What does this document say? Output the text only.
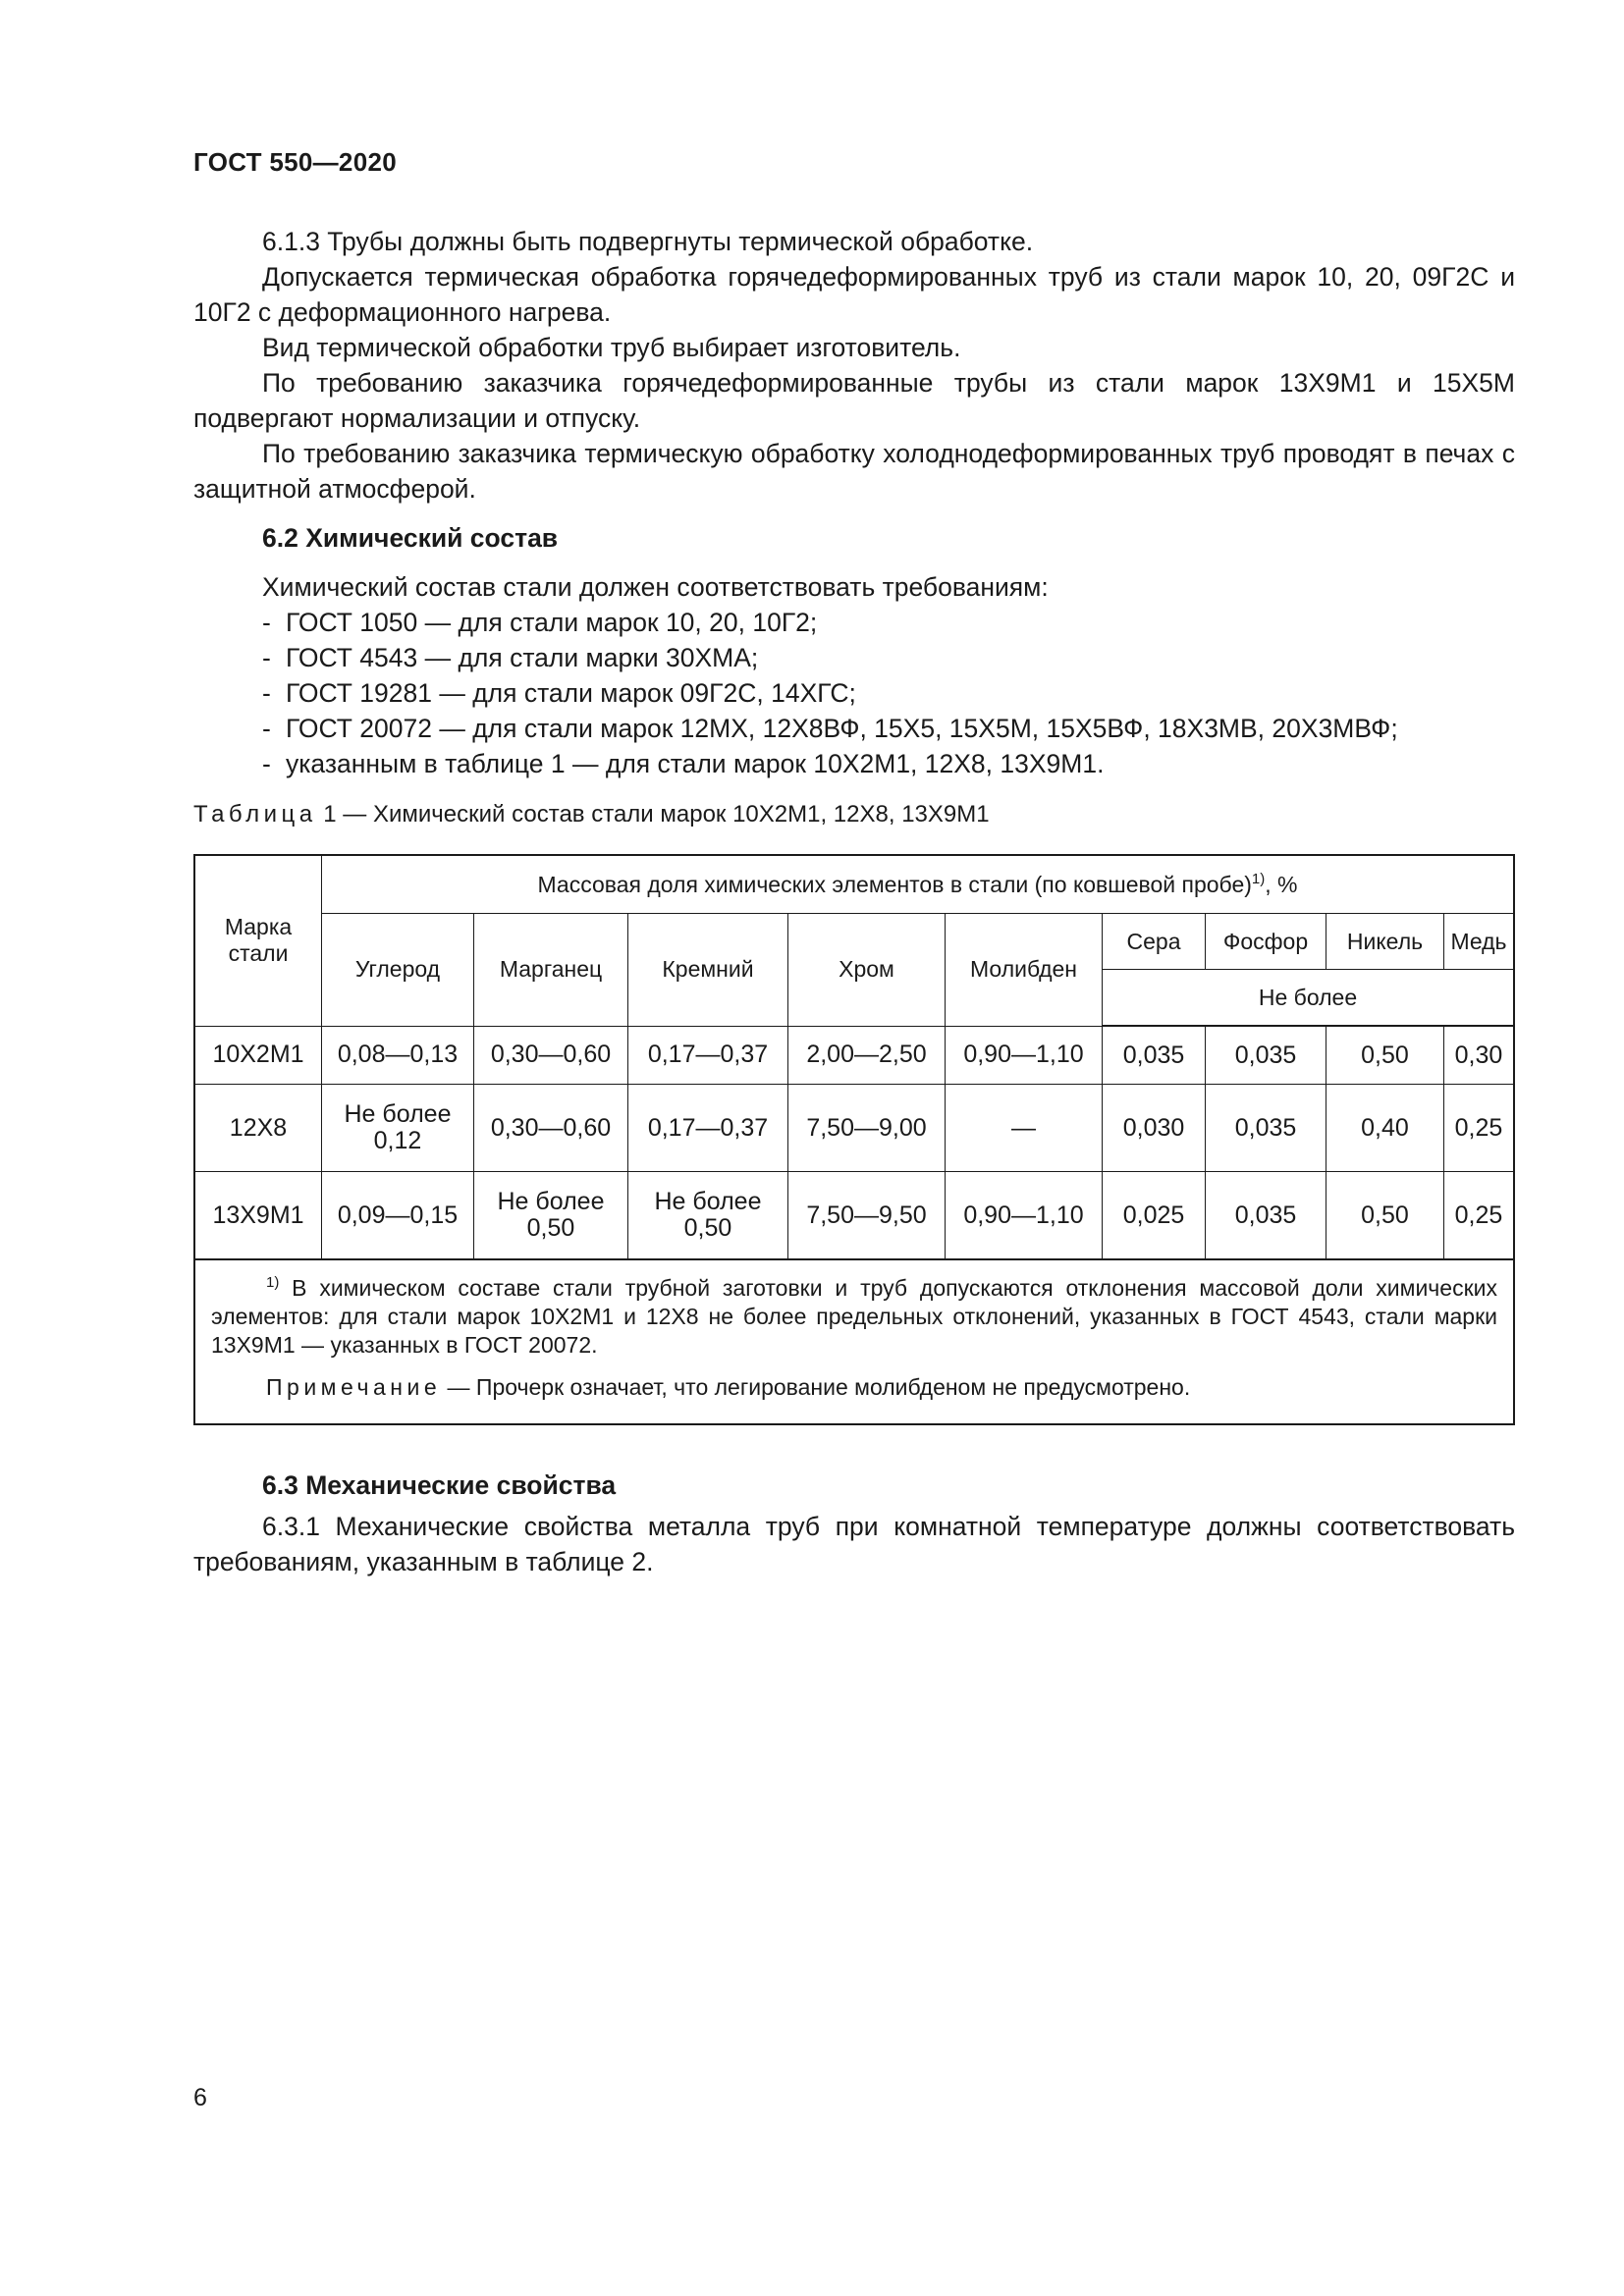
ГОСТ 550—2020

6.1.3 Трубы должны быть подвергнуты термической обработке.

Допускается термическая обработка горячедеформированных труб из стали марок 10, 20, 09Г2С и 10Г2 с деформационного нагрева.

Вид термической обработки труб выбирает изготовитель.

По требованию заказчика горячедеформированные трубы из стали марок 13Х9М1 и 15Х5М подвергают нормализации и отпуску.

По требованию заказчика термическую обработку холоднодеформированных труб проводят в печах с защитной атмосферой.

6.2 Химический состав

Химический состав стали должен соответствовать требованиям:

- ГОСТ 1050 — для стали марок 10, 20, 10Г2;
- ГОСТ 4543 — для стали марки 30ХМА;
- ГОСТ 19281 — для стали марок 09Г2С, 14ХГС;
- ГОСТ 20072 — для стали марок 12МХ, 12Х8ВФ, 15Х5, 15Х5М, 15Х5ВФ, 18Х3МВ, 20Х3МВФ;
- указанным в таблице 1 — для стали марок 10Х2М1, 12Х8, 13Х9М1.
Таблица 1 — Химический состав стали марок 10Х2М1, 12Х8, 13Х9М1
Марка стали	Массовая доля химических элементов в стали (по ковшевой пробе)$^{1)}$, %								
	Углерод	Марганец	Кремний	Хром	Молибден	Сера	Фосфор	Никель	Медь
						Не более			
10Х2М1	0,08—0,13	0,30—0,60	0,17—0,37	2,00—2,50	0,90—1,10	0,035	0,035	0,50	0,30
12Х8	Не более 0,12	0,30—0,60	0,17—0,37	7,50—9,00	—	0,030	0,035	0,40	0,25
13Х9М1	0,09—0,15	Не более 0,50	Не более 0,50	7,50—9,50	0,90—1,10	0,025	0,035	0,50	0,25

$^{1)}$ В химическом составе стали трубной заготовки и труб допускаются отклонения массовой доли химических элементов: для стали марок 10Х2М1 и 12Х8 не более предельных отклонений, указанных в ГОСТ 4543, стали марки 13Х9М1 — указанных в ГОСТ 20072.

Примечание — Прочерк означает, что легирование молибденом не предусмотрено.									

6.3 Механические свойства

6.3.1 Механические свойства металла труб при комнатной температуре должны соответствовать требованиям, указанным в таблице 2.

6
